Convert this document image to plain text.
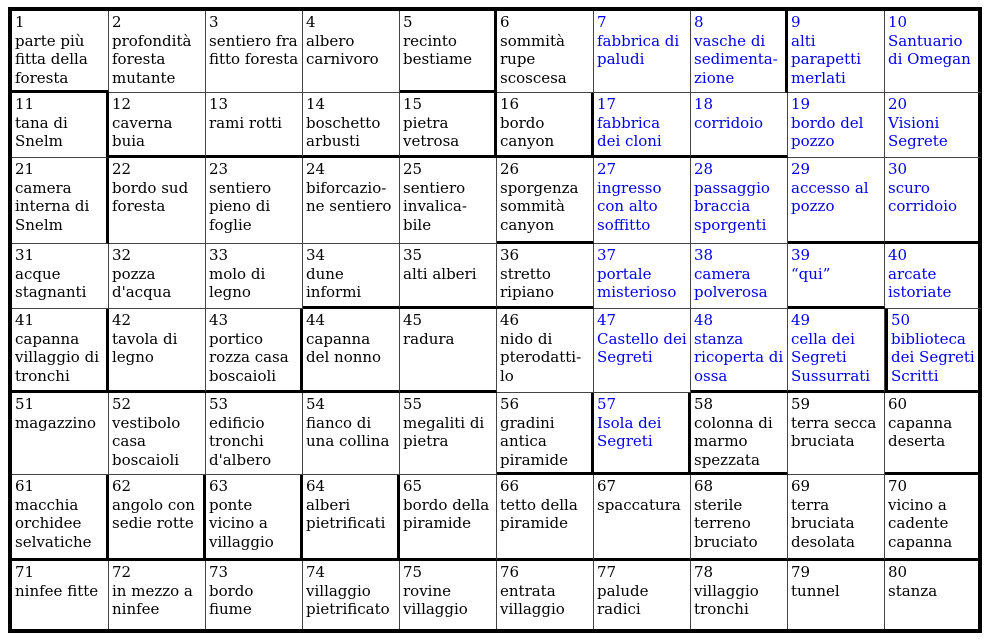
1
parte più fitta della foresta
2
profondità foresta mutante
3
sentiero fra fitto foresta
4
albero carnivoro
5
recinto bestiame
6
sommità rupe scoscesa
7
fabbrica di paludi
8
vasche di sedimenta-zione
9
alti parapetti merlati
10
Santuario di Omegan
11
tana di Snelm
12
caverna buia
13
rami rotti
14
boschetto arbusti
15
pietra vetrosa
16
bordo canyon
17
fabbrica dei cloni
18
corridoio
19
bordo del pozzo
20
Visioni Segrete
21
camera interna di Snelm
22
bordo sud foresta
23
sentiero pieno di foglie
24
biforcazio-ne sentiero
25
sentiero invalica-bile
26
sporgenza sommità canyon
27
ingresso con alto soffitto
28
passaggio braccia sporgenti
29
accesso al pozzo
30
scuro corridoio
31
acque stagnanti
32
pozza d'acqua
33
molo di legno
34
dune informi
35
alti alberi
36
stretto ripiano
37
portale misterioso
38
camera polverosa
39
“qui”
40
arcate istoriate
41
capanna villaggio di tronchi
42
tavola di legno
43
portico rozza casa boscaioli
44
capanna del nonno
45
radura
46
nido di pterodatti-lo
47
Castello dei Segreti
48
stanza ricoperta di ossa
49
cella dei Segreti Sussurrati
50
biblioteca dei Segreti Scritti
51
magazzino
52
vestibolo casa boscaioli
53
edificio tronchi d'albero
54
fianco di una collina
55
megaliti di pietra
56
gradini antica piramide
57
Isola dei Segreti
58
colonna di marmo spezzata
59
terra secca bruciata
60
capanna deserta
61
macchia orchidee selvatiche
62
angolo con sedie rotte
63
ponte vicino a villaggio
64
alberi pietrificati
65
bordo della piramide
66
tetto della piramide
67
spaccatura
68
sterile terreno bruciato
69
terra bruciata desolata
70
vicino a cadente capanna
71
ninfee fitte
72
in mezzo a ninfee
73
bordo fiume
74
villaggio pietrificato
75
rovine villaggio
76
entrata villaggio
77
palude radici
78
villaggio tronchi
79
tunnel
80
stanza
